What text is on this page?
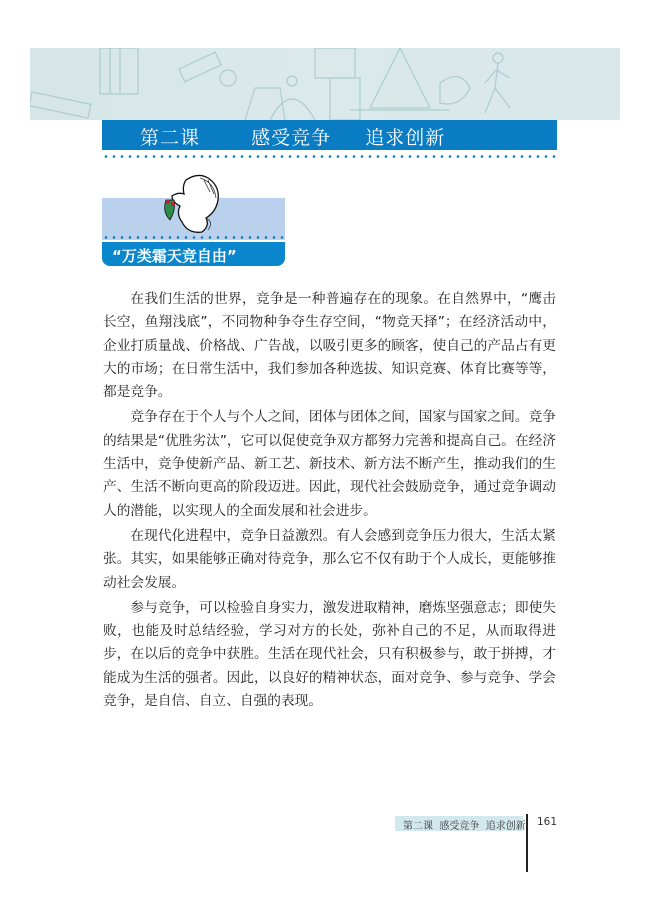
第二课   感受竞争  追求创新
“万类霜天竞自由”

在我们生活的世界，竞争是一种普遍存在的现象。在自然界中，“鹰击长空，鱼翔浅底”，不同物种争夺生存空间，“物竞天择”；在经济活动中，企业打质量战、价格战、广告战，以吸引更多的顾客，使自己的产品占有更大的市场；在日常生活中，我们参加各种选拔、知识竞赛、体育比赛等等，都是竞争。

竞争存在于个人与个人之间，团体与团体之间，国家与国家之间。竞争的结果是“优胜劣汰”，它可以促使竞争双方都努力完善和提高自己。在经济生活中，竞争使新产品、新工艺、新技术、新方法不断产生，推动我们的生产、生活不断向更高的阶段迈进。因此，现代社会鼓励竞争，通过竞争调动人的潜能，以实现人的全面发展和社会进步。

在现代化进程中，竞争日益激烈。有人会感到竞争压力很大，生活太紧张。其实，如果能够正确对待竞争，那么它不仅有助于个人成长，更能够推动社会发展。

参与竞争，可以检验自身实力，激发进取精神，磨炼坚强意志；即使失败，也能及时总结经验，学习对方的长处，弥补自己的不足，从而取得进步，在以后的竞争中获胜。生活在现代社会，只有积极参与，敢于拼搏，才能成为生活的强者。因此，以良好的精神状态，面对竞争、参与竞争、学会竞争，是自信、自立、自强的表现。

第二课  感受竞争  追求创新 161
